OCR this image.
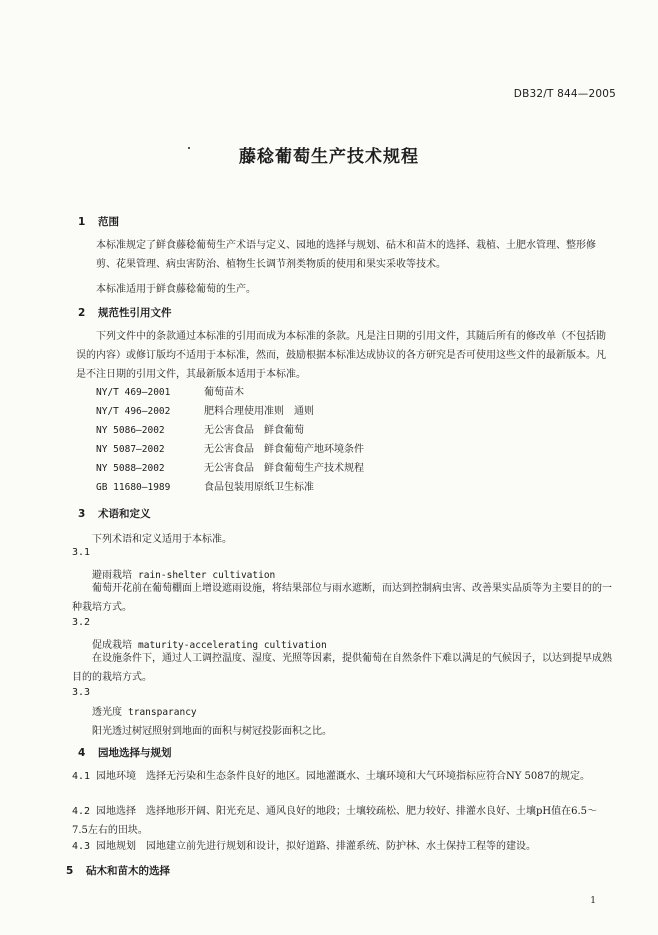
DB32/T 844—2005
藤稔葡萄生产技术规程
1 范围
本标准规定了鲜食藤稔葡萄生产术语与定义、园地的选择与规划、砧木和苗木的选择、栽植、土肥水管理、整形修剪、花果管理、病虫害防治、植物生长调节剂类物质的使用和果实采收等技术。
本标准适用于鲜食藤稔葡萄的生产。
2 规范性引用文件
下列文件中的条款通过本标准的引用而成为本标准的条款。凡是注日期的引用文件，其随后所有的修改单（不包括勘误的内容）或修订版均不适用于本标准，然而，鼓励根据本标准达成协议的各方研究是否可使用这些文件的最新版本。凡是不注日期的引用文件，其最新版本适用于本标准。
NY/T 469—2001	葡萄苗木
NY/T 496—2002	肥料合理使用准则　通则
NY 5086—2002	无公害食品　鲜食葡萄
NY 5087—2002	无公害食品　鲜食葡萄产地环境条件
NY 5088—2002	无公害食品　鲜食葡萄生产技术规程
GB 11680—1989	食品包装用原纸卫生标准
3 术语和定义
下列术语和定义适用于本标准。
3.1
避雨栽培 rain-shelter cultivation
葡萄开花前在葡萄棚面上增设遮雨设施，将结果部位与雨水遮断，而达到控制病虫害、改善果实品质等为主要目的的一种栽培方式。
3.2
促成栽培 maturity-accelerating cultivation
在设施条件下，通过人工调控温度、湿度、光照等因素，提供葡萄在自然条件下难以满足的气候因子，以达到提早成熟目的的栽培方式。
3.3
透光度 transparancy
阳光透过树冠照射到地面的面积与树冠投影面积之比。
4 园地选择与规划
4.1 园地环境　选择无污染和生态条件良好的地区。园地灌溉水、土壤环境和大气环境指标应符合NY 5087的规定。
4.2 园地选择　选择地形开阔、阳光充足、通风良好的地段；土壤较疏松、肥力较好、排灌水良好、土壤pH值在6.5～7.5左右的田块。
4.3 园地规划　园地建立前先进行规划和设计，拟好道路、排灌系统、防护林、水土保持工程等的建设。
5 砧木和苗木的选择
1
